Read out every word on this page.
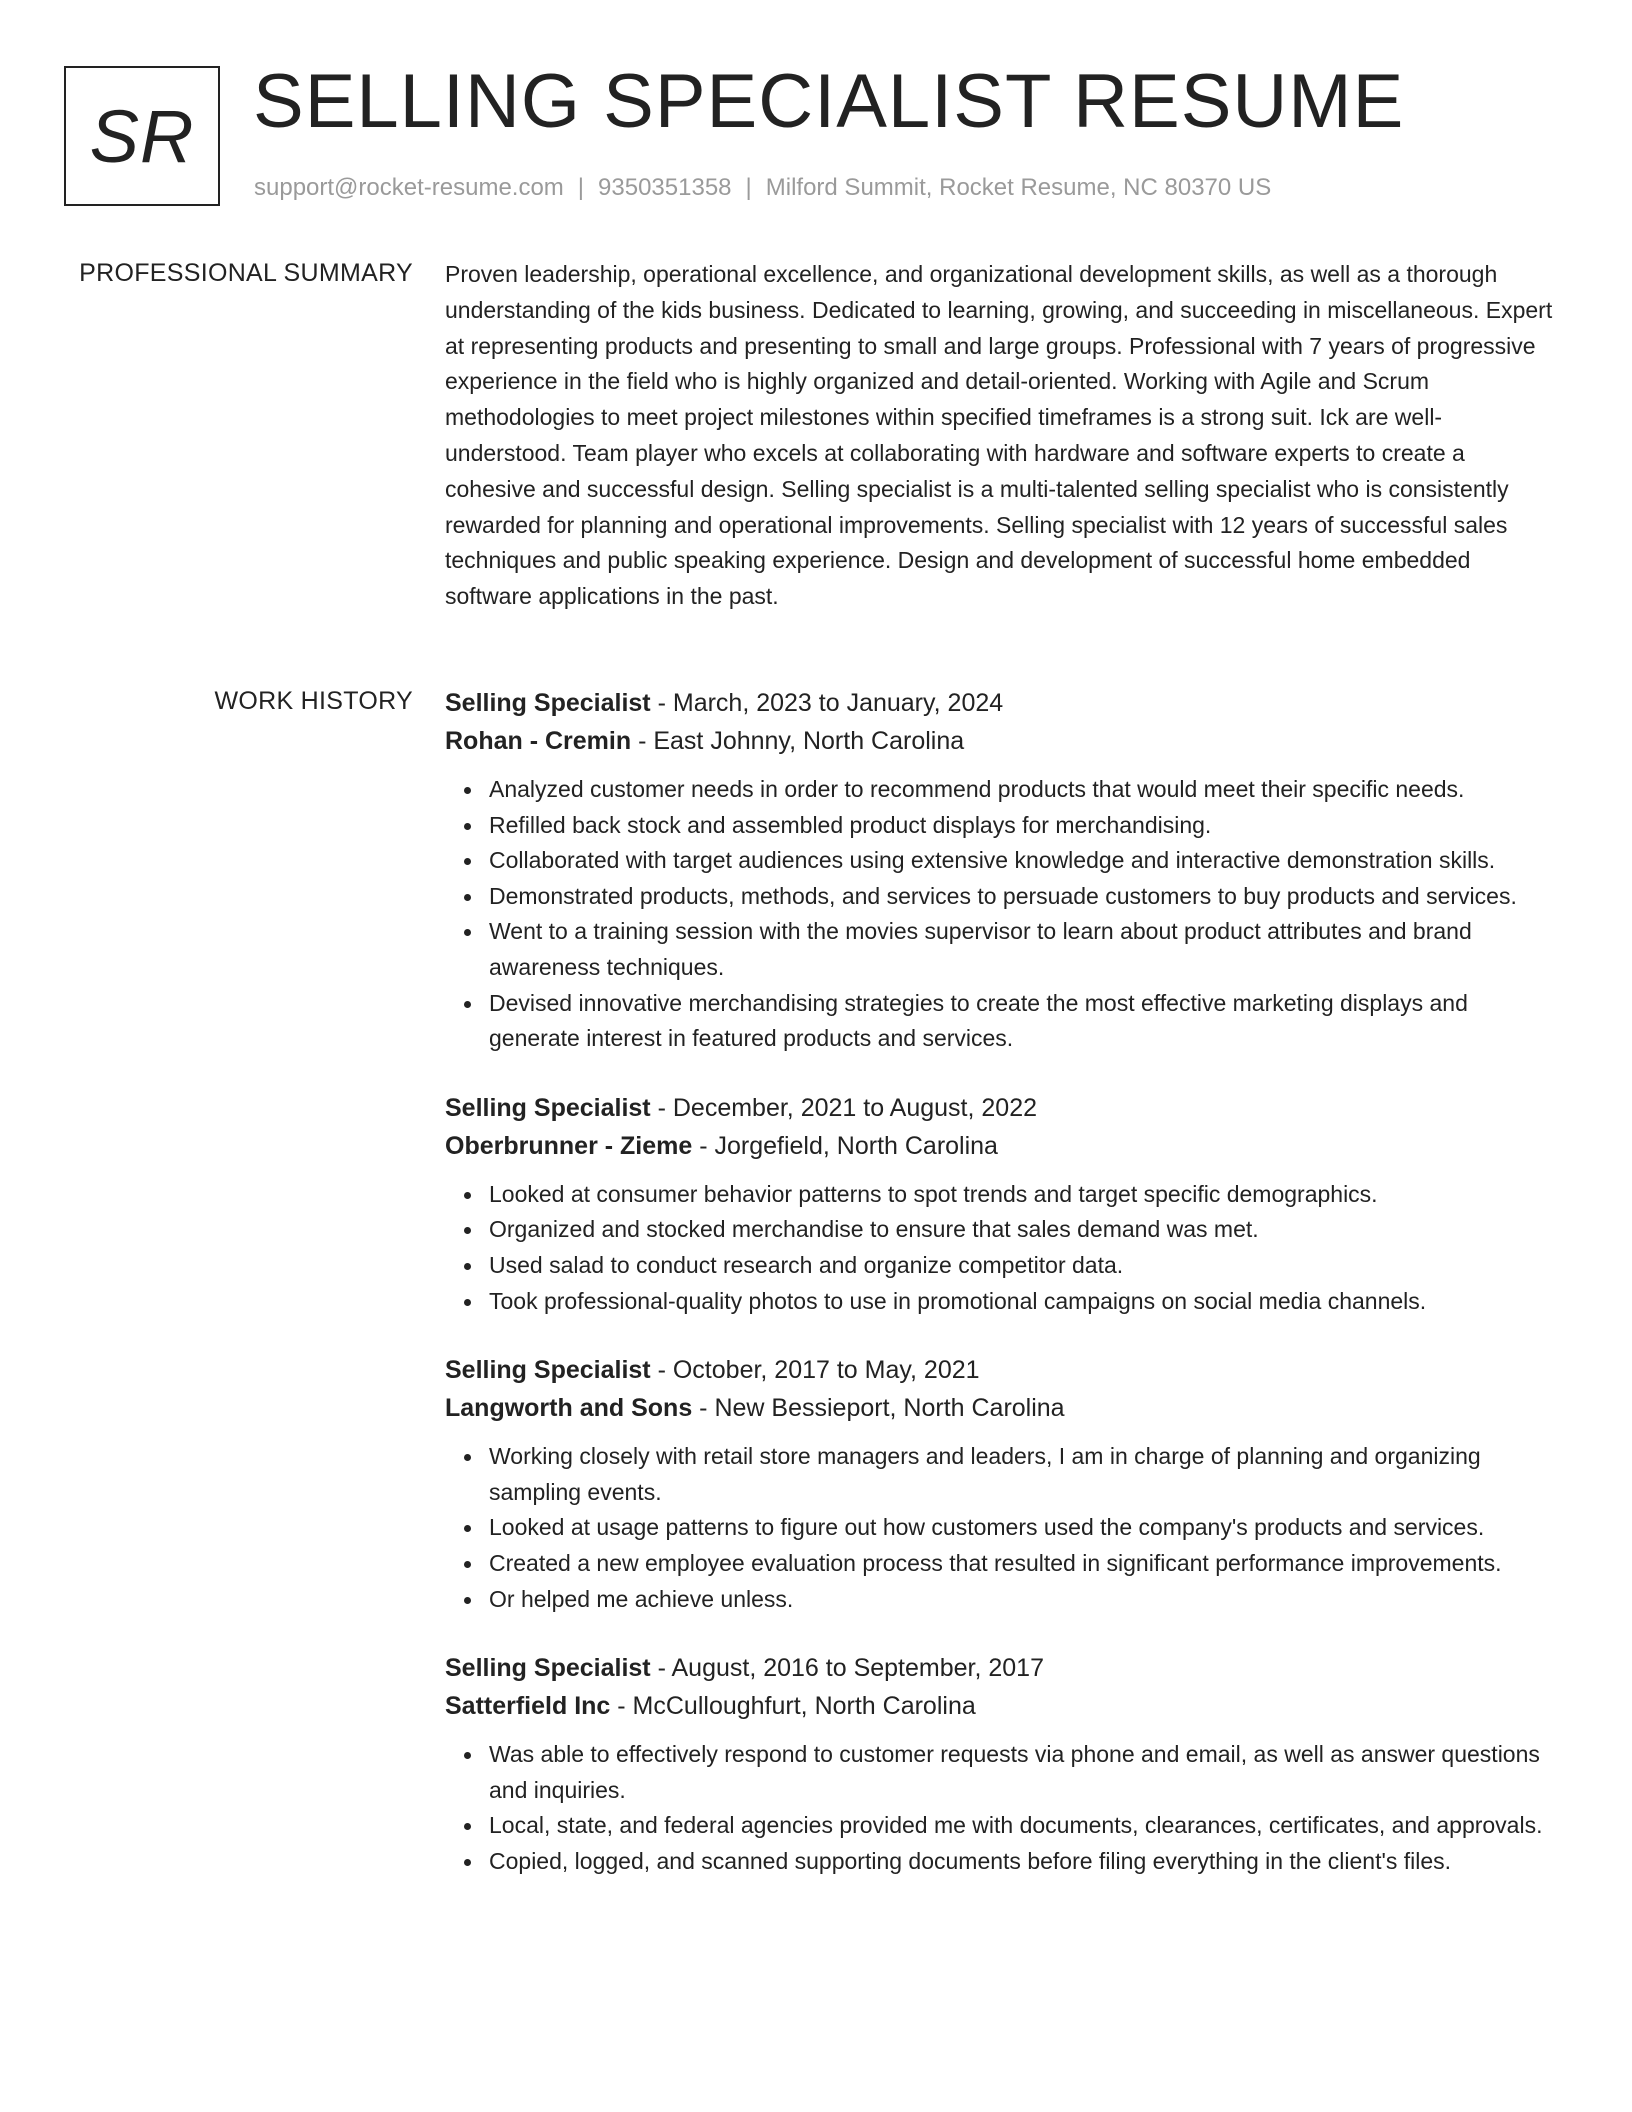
SR SELLING SPECIALIST RESUME
support@rocket-resume.com | 9350351358 | Milford Summit, Rocket Resume, NC 80370 US
PROFESSIONAL SUMMARY Proven leadership, operational excellence, and organizational development skills, as well as a thorough understanding of the kids business. Dedicated to learning, growing, and succeeding in miscellaneous. Expert at representing products and presenting to small and large groups. Professional with 7 years of progressive experience in the field who is highly organized and detail-oriented. Working with Agile and Scrum methodologies to meet project milestones within specified timeframes is a strong suit. Ick are well-understood. Team player who excels at collaborating with hardware and software experts to create a cohesive and successful design. Selling specialist is a multi-talented selling specialist who is consistently rewarded for planning and operational improvements. Selling specialist with 12 years of successful sales techniques and public speaking experience. Design and development of successful home embedded software applications in the past.

WORK HISTORY Selling Specialist - March, 2023 to January, 2024
Rohan - Cremin - East Johnny, North Carolina
Analyzed customer needs in order to recommend products that would meet their specific needs.
Refilled back stock and assembled product displays for merchandising.
Collaborated with target audiences using extensive knowledge and interactive demonstration skills.
Demonstrated products, methods, and services to persuade customers to buy products and services.
Went to a training session with the movies supervisor to learn about product attributes and brand awareness techniques.
Devised innovative merchandising strategies to create the most effective marketing displays and generate interest in featured products and services.
Selling Specialist - December, 2021 to August, 2022
Oberbrunner - Zieme - Jorgefield, North Carolina
Looked at consumer behavior patterns to spot trends and target specific demographics.
Organized and stocked merchandise to ensure that sales demand was met.
Used salad to conduct research and organize competitor data.
Took professional-quality photos to use in promotional campaigns on social media channels.
Selling Specialist - October, 2017 to May, 2021
Langworth and Sons - New Bessieport, North Carolina
Working closely with retail store managers and leaders, I am in charge of planning and organizing sampling events.
Looked at usage patterns to figure out how customers used the company's products and services.
Created a new employee evaluation process that resulted in significant performance improvements.
Or helped me achieve unless.
Selling Specialist - August, 2016 to September, 2017
Satterfield Inc - McCulloughfurt, North Carolina
Was able to effectively respond to customer requests via phone and email, as well as answer questions and inquiries.
Local, state, and federal agencies provided me with documents, clearances, certificates, and approvals.
Copied, logged, and scanned supporting documents before filing everything in the client's files.
